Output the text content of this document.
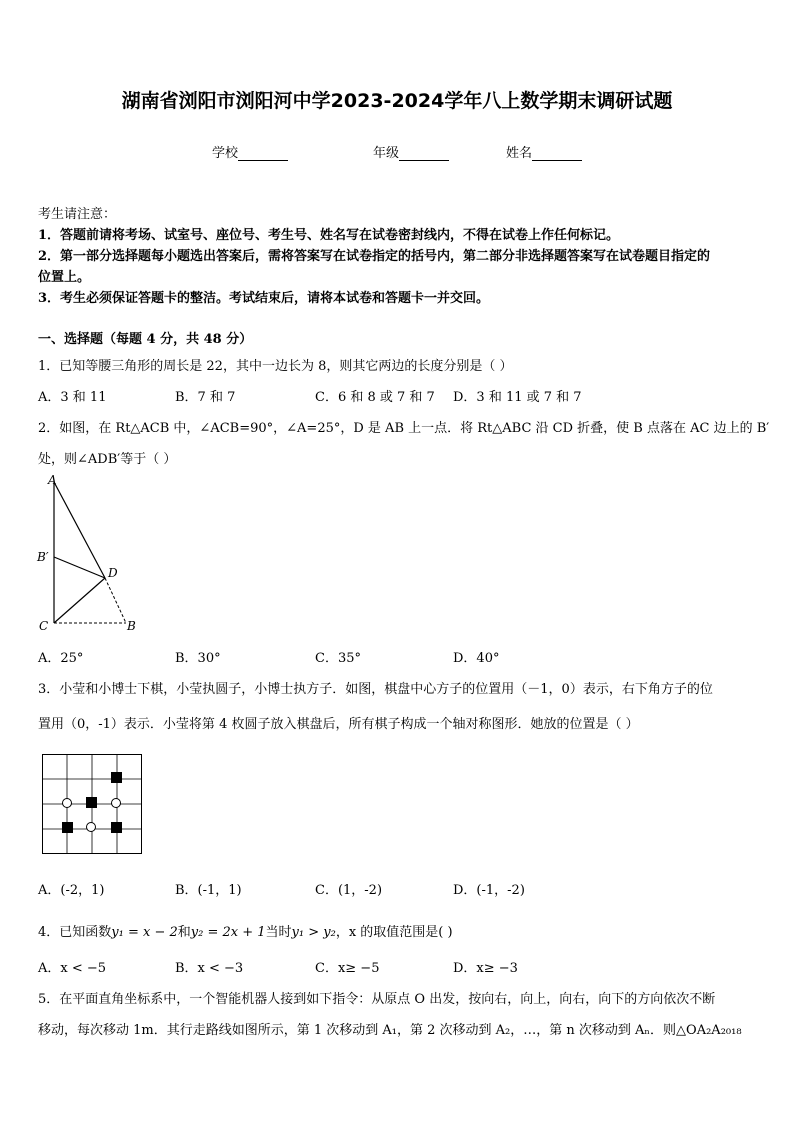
湖南省浏阳市浏阳河中学2023-2024学年八上数学期末调研试题
学校	年级	姓名
考生请注意：
1．答题前请将考场、试室号、座位号、考生号、姓名写在试卷密封线内，不得在试卷上作任何标记。
2．第一部分选择题每小题选出答案后，需将答案写在试卷指定的括号内，第二部分非选择题答案写在试卷题目指定的
位置上。
3．考生必须保证答题卡的整洁。考试结束后，请将本试卷和答题卡一并交回。
一、选择题（每题 4 分，共 48 分）
1．已知等腰三角形的周长是 22，其中一边长为 8，则其它两边的长度分别是（ ）
A．3 和 11	B．7 和 7	C．6 和 8 或 7 和 7 D．3 和 11 或 7 和 7
2．如图，在 Rt△ACB 中，∠ACB=90°，∠A=25°，D 是 AB 上一点．将 Rt△ABC 沿 CD 折叠，使 B 点落在 AC 边上的 B′
处，则∠ADB′等于（ ）
A
B′
C
D
B
A．25°	B．30°	C．35°	D．40°
3．小莹和小博士下棋，小莹执圆子，小博士执方子．如图，棋盘中心方子的位置用（－1，0）表示，右下角方子的位
置用（0，-1）表示．小莹将第 4 枚圆子放入棋盘后，所有棋子构成一个轴对称图形．她放的位置是（ ）
A．(-2，1)	B．(-1，1)	C．(1，-2)	D．(-1，-2)
4．已知函数y₁ = x − 2和y₂ = 2x + 1当时y₁ > y₂，x 的取值范围是( )
A．x < −5	B．x < −3	C．x≥ −5	D．x≥ −3
5．在平面直角坐标系中，一个智能机器人接到如下指令：从原点 O 出发，按向右，向上，向右，向下的方向依次不断
移动，每次移动 1m．其行走路线如图所示，第 1 次移动到 A₁，第 2 次移动到 A₂，…，第 n 次移动到 Aₙ．则△OA₂A₂₀₁₈
